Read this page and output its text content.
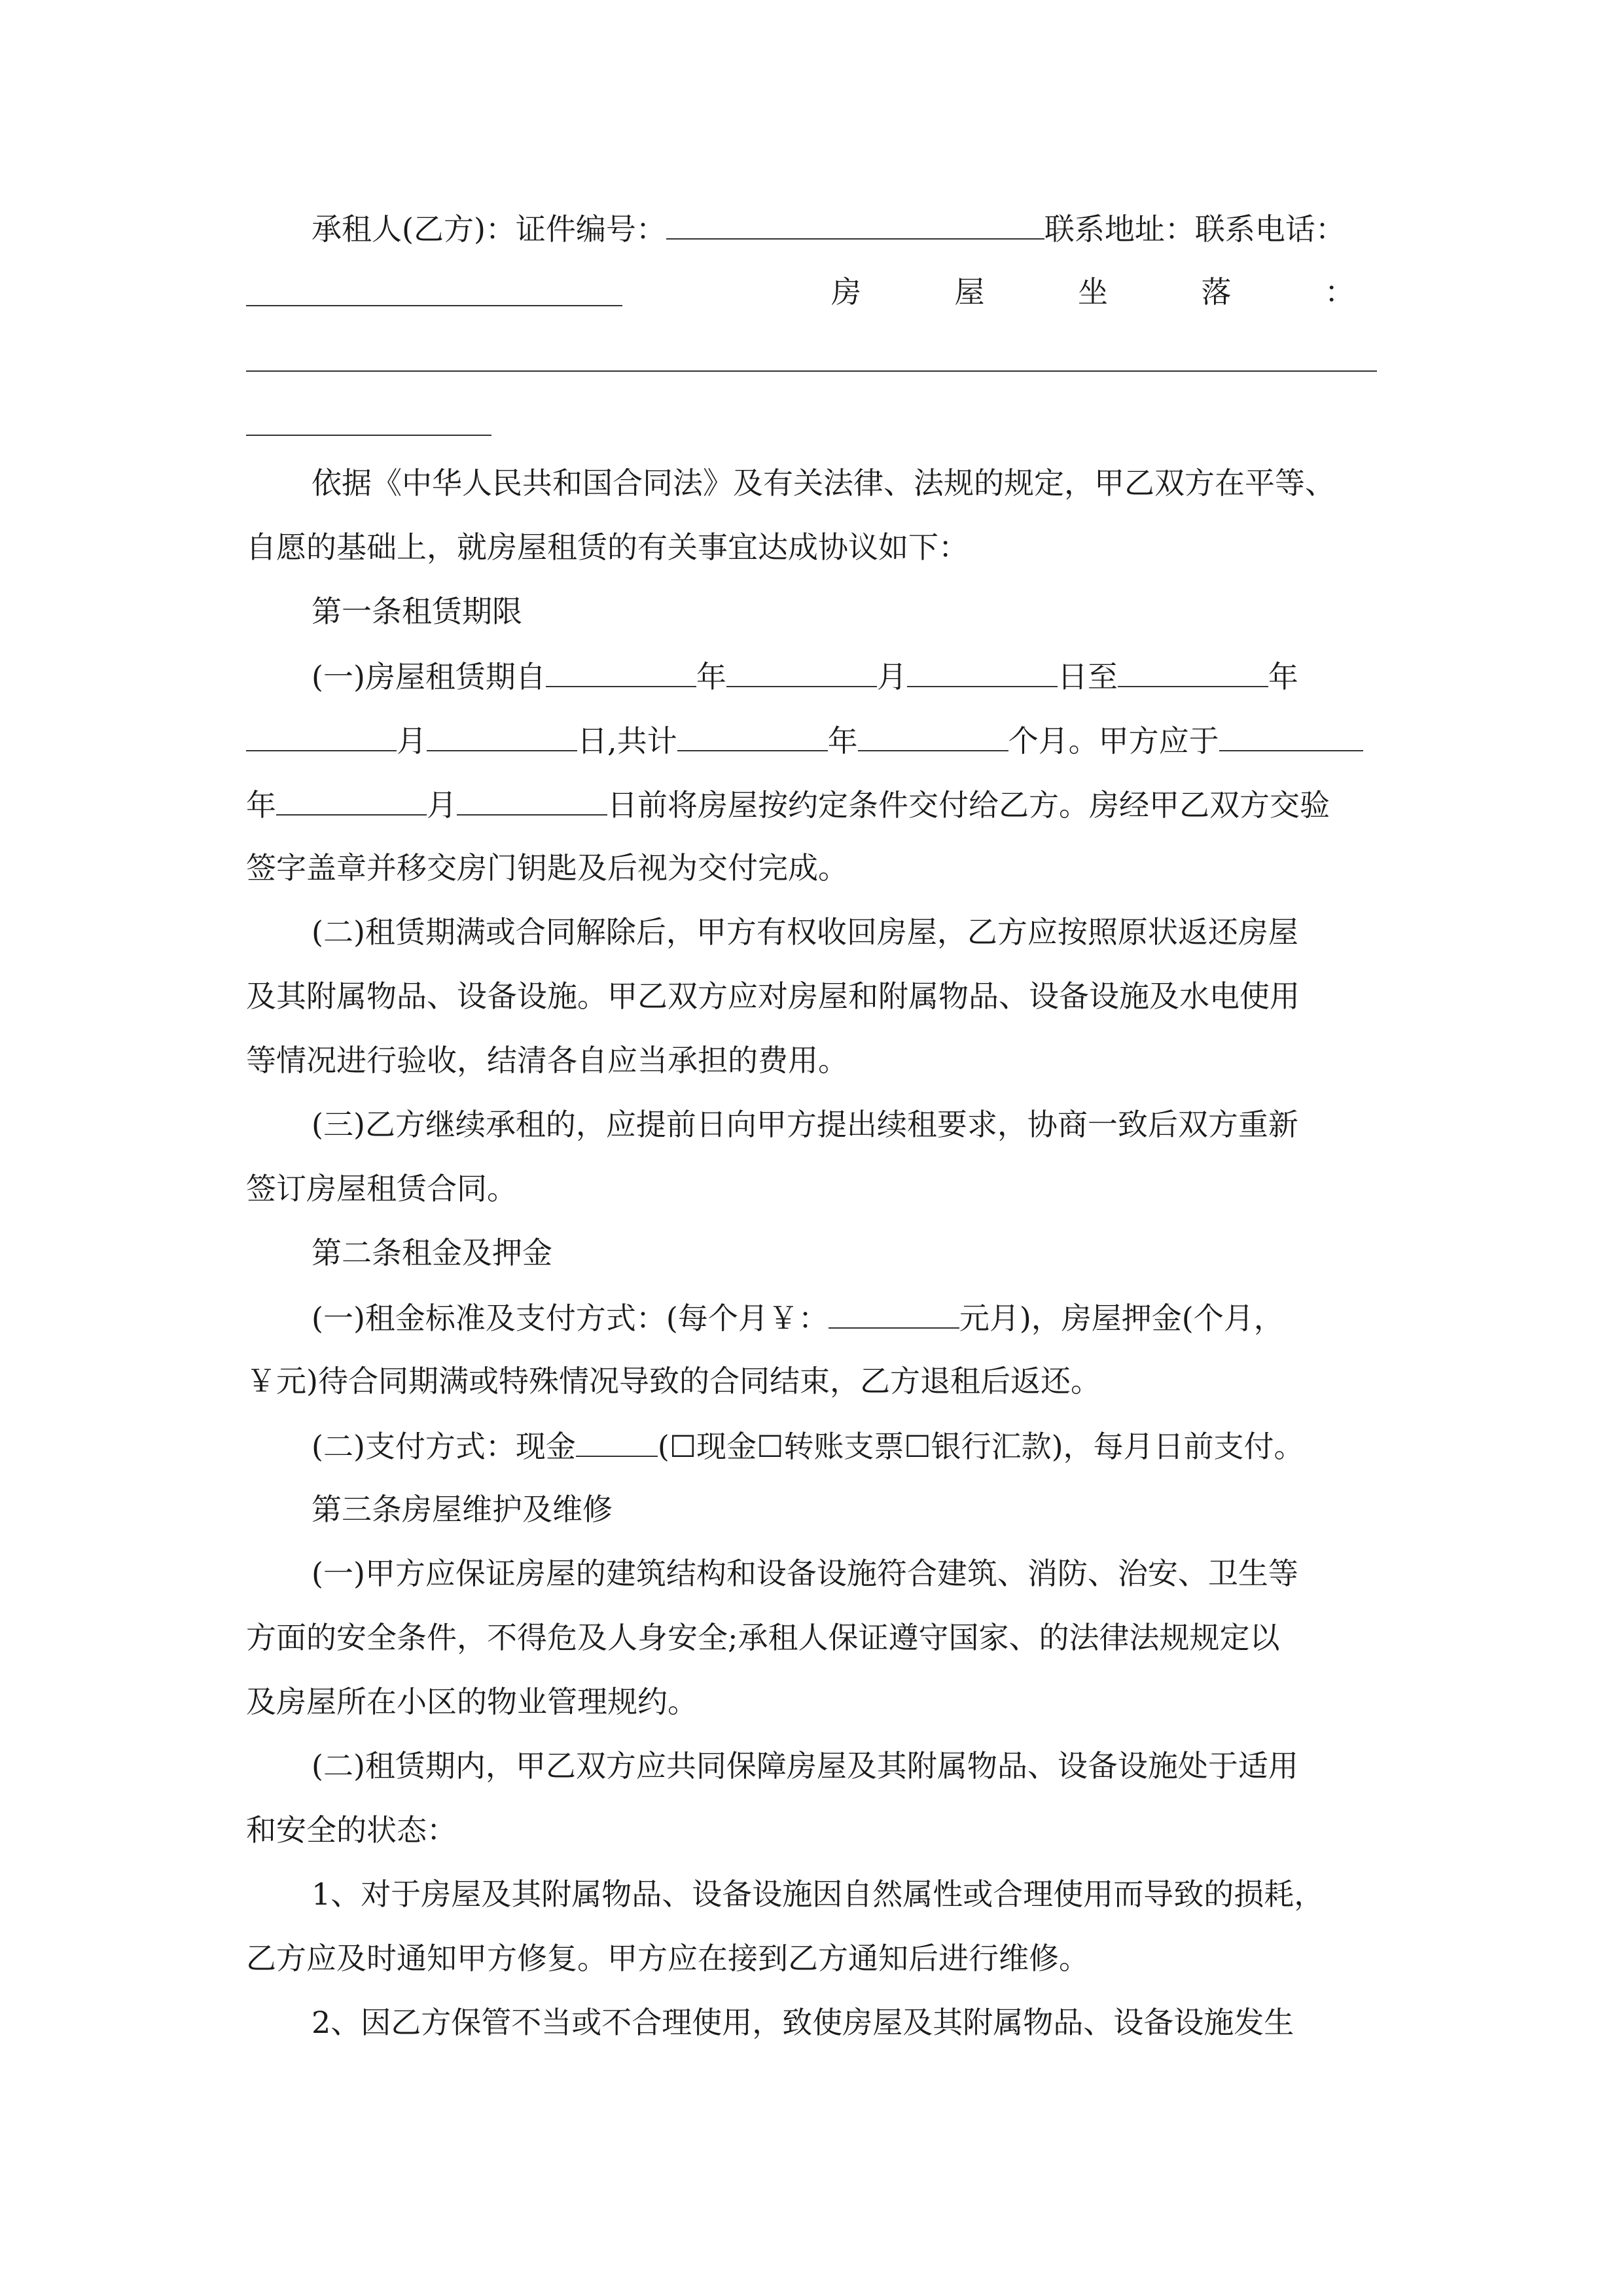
承租人(乙方)：证件编号：	联系地址：联系电话：
房	屋	坐	落	：
依据《中华人民共和国合同法》及有关法律、法规的规定，甲乙双方在平等、
自愿的基础上，就房屋租赁的有关事宜达成协议如下：
第一条租赁期限
(一)房屋租赁期自	年	月	日至	年
月	日,共计	年	个月。甲方应于
年	月	日前将房屋按约定条件交付给乙方。房经甲乙双方交验
签字盖章并移交房门钥匙及后视为交付完成。
(二)租赁期满或合同解除后，甲方有权收回房屋，乙方应按照原状返还房屋
及其附属物品、设备设施。甲乙双方应对房屋和附属物品、设备设施及水电使用
等情况进行验收，结清各自应当承担的费用。
(三)乙方继续承租的，应提前日向甲方提出续租要求，协商一致后双方重新
签订房屋租赁合同。
第二条租金及押金
(一)租金标准及支付方式：(每个月￥：	元月)，房屋押金(个月，
￥元)待合同期满或特殊情况导致的合同结束，乙方退租后返还。
(二)支付方式：现金	(☐现金☐转账支票☐银行汇款)，每月日前支付。
第三条房屋维护及维修
(一)甲方应保证房屋的建筑结构和设备设施符合建筑、消防、治安、卫生等
方面的安全条件，不得危及人身安全;承租人保证遵守国家、的法律法规规定以
及房屋所在小区的物业管理规约。
(二)租赁期内，甲乙双方应共同保障房屋及其附属物品、设备设施处于适用
和安全的状态：
1、对于房屋及其附属物品、设备设施因自然属性或合理使用而导致的损耗，
乙方应及时通知甲方修复。甲方应在接到乙方通知后进行维修。
2、因乙方保管不当或不合理使用，致使房屋及其附属物品、设备设施发生
